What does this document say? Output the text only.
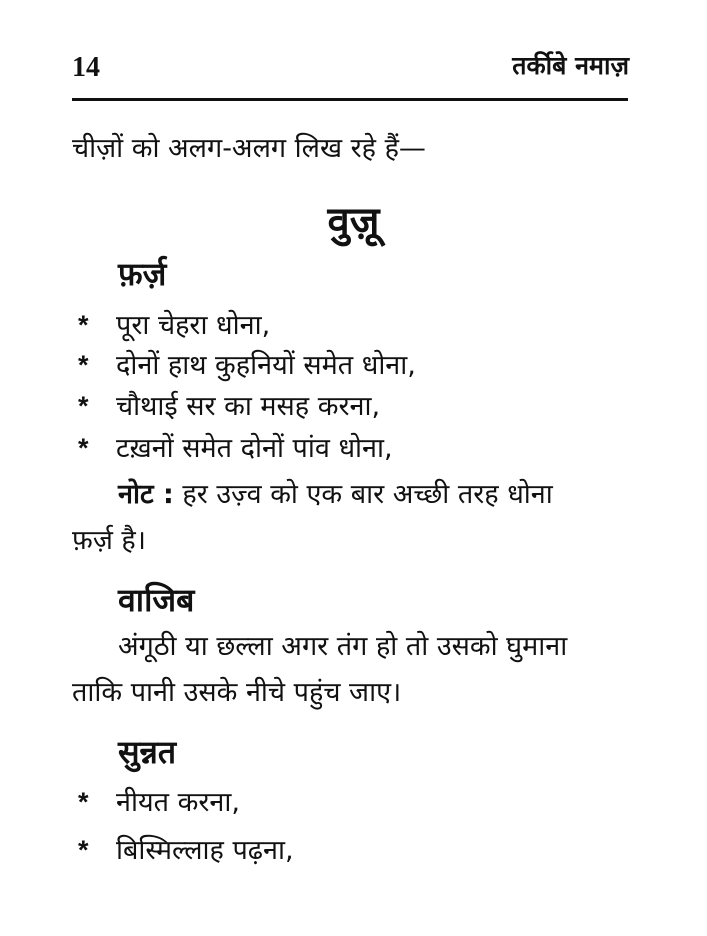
14	तर्कीबे नमाज़
चीज़ों को अलग-अलग लिख रहे हैं—
वुज़ू
फ़र्ज़
* पूरा चेहरा धोना,
* दोनों हाथ कुहनियों समेत धोना,
* चौथाई सर का मसह करना,
* टख़नों समेत दोनों पांव धोना,
नोट : हर उज़्व को एक बार अच्छी तरह धोना
फ़र्ज़ है।
वाजिब
अंगूठी या छल्ला अगर तंग हो तो उसको घुमाना
ताकि पानी उसके नीचे पहुंच जाए।
सुन्नत
* नीयत करना,
* बिस्मिल्लाह पढ़ना,
